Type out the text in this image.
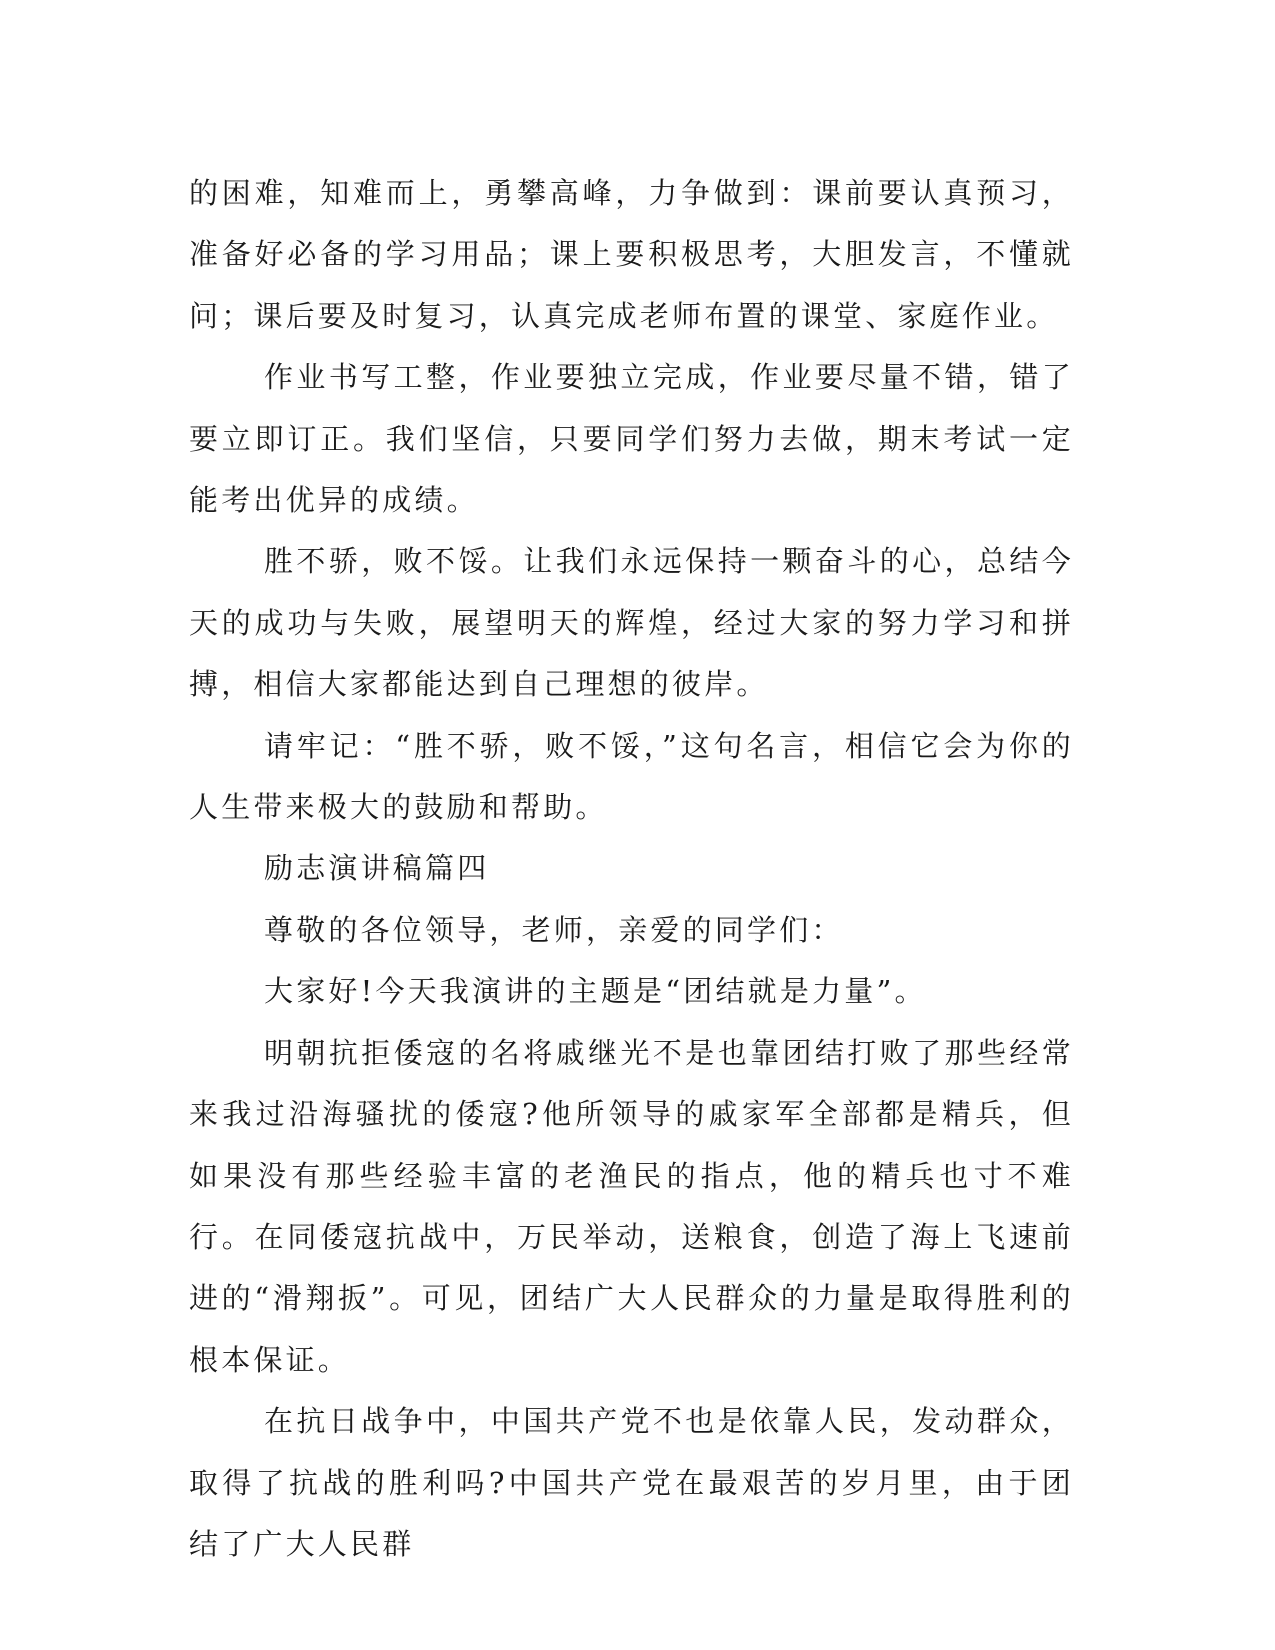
的困难，知难而上，勇攀高峰，力争做到：课前要认真预习，准备好必备的学习用品；课上要积极思考，大胆发言，不懂就问；课后要及时复习，认真完成老师布置的课堂、家庭作业。

作业书写工整，作业要独立完成，作业要尽量不错，错了要立即订正。我们坚信，只要同学们努力去做，期末考试一定能考出优异的成绩。

胜不骄，败不馁。让我们永远保持一颗奋斗的心，总结今天的成功与失败，展望明天的辉煌，经过大家的努力学习和拼搏，相信大家都能达到自己理想的彼岸。

请牢记：“胜不骄，败不馁，”这句名言，相信它会为你的人生带来极大的鼓励和帮助。

励志演讲稿篇四

尊敬的各位领导，老师，亲爱的同学们：

大家好!今天我演讲的主题是“团结就是力量”。

明朝抗拒倭寇的名将戚继光不是也靠团结打败了那些经常来我过沿海骚扰的倭寇?他所领导的戚家军全部都是精兵，但如果没有那些经验丰富的老渔民的指点，他的精兵也寸不难行。在同倭寇抗战中，万民举动，送粮食，创造了海上飞速前进的“滑翔扳”。可见，团结广大人民群众的力量是取得胜利的根本保证。

在抗日战争中，中国共产党不也是依靠人民，发动群众，取得了抗战的胜利吗?中国共产党在最艰苦的岁月里，由于团结了广大人民群
